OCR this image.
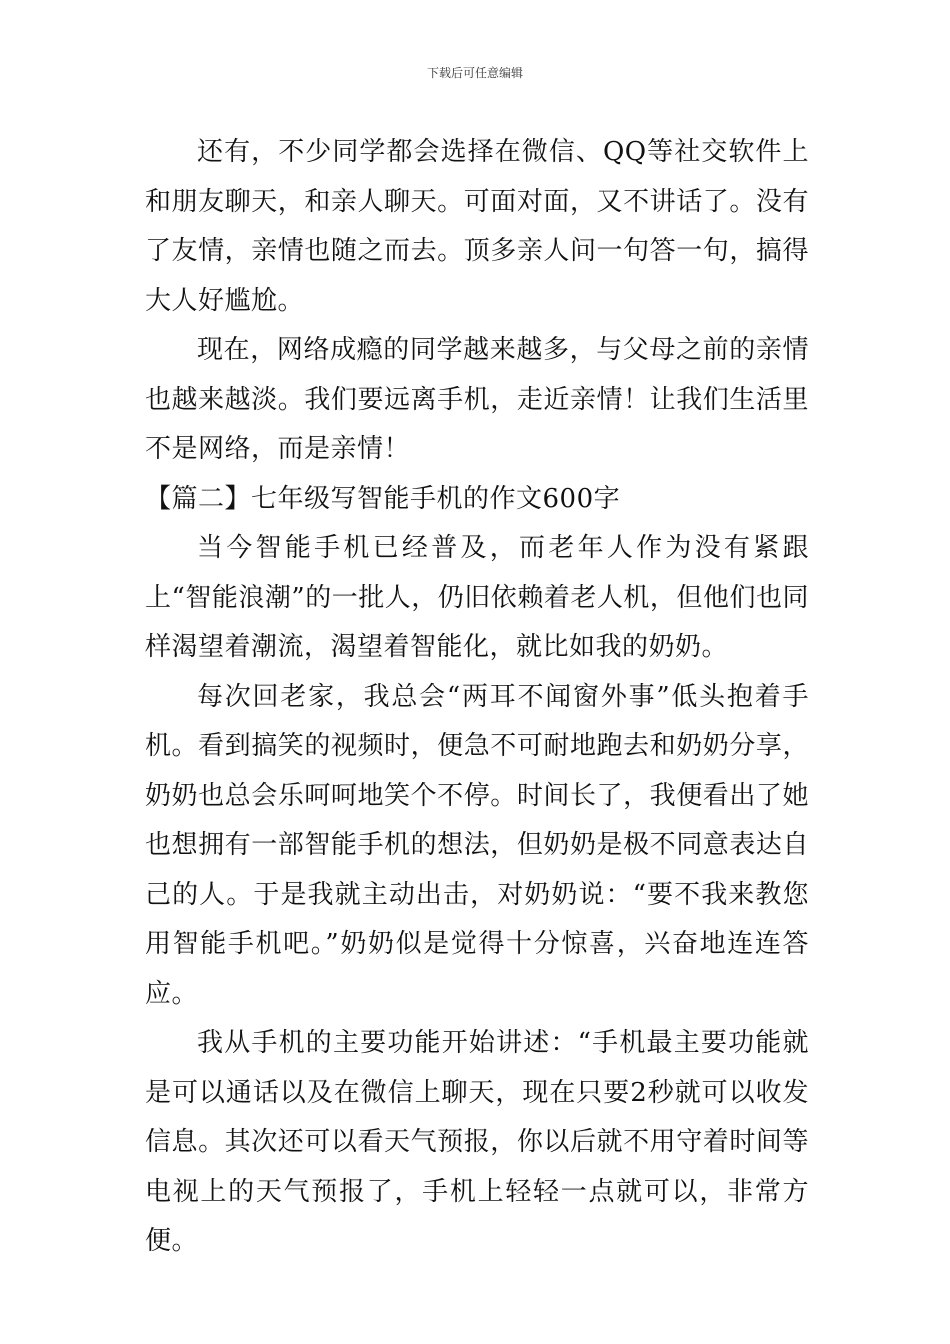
下载后可任意编辑

还有，不少同学都会选择在微信、QQ等社交软件上和朋友聊天，和亲人聊天。可面对面，又不讲话了。没有了友情，亲情也随之而去。顶多亲人问一句答一句，搞得大人好尴尬。

现在，网络成瘾的同学越来越多，与父母之前的亲情也越来越淡。我们要远离手机，走近亲情！让我们生活里不是网络，而是亲情！

【篇二】七年级写智能手机的作文600字

当今智能手机已经普及，而老年人作为没有紧跟上“智能浪潮”的一批人，仍旧依赖着老人机，但他们也同样渴望着潮流，渴望着智能化，就比如我的奶奶。

每次回老家，我总会“两耳不闻窗外事”低头抱着手机。看到搞笑的视频时，便急不可耐地跑去和奶奶分享，奶奶也总会乐呵呵地笑个不停。时间长了，我便看出了她也想拥有一部智能手机的想法，但奶奶是极不同意表达自己的人。于是我就主动出击，对奶奶说：“要不我来教您用智能手机吧。”奶奶似是觉得十分惊喜，兴奋地连连答应。

我从手机的主要功能开始讲述：“手机最主要功能就是可以通话以及在微信上聊天，现在只要2秒就可以收发信息。其次还可以看天气预报，你以后就不用守着时间等电视上的天气预报了，手机上轻轻一点就可以，非常方便。
